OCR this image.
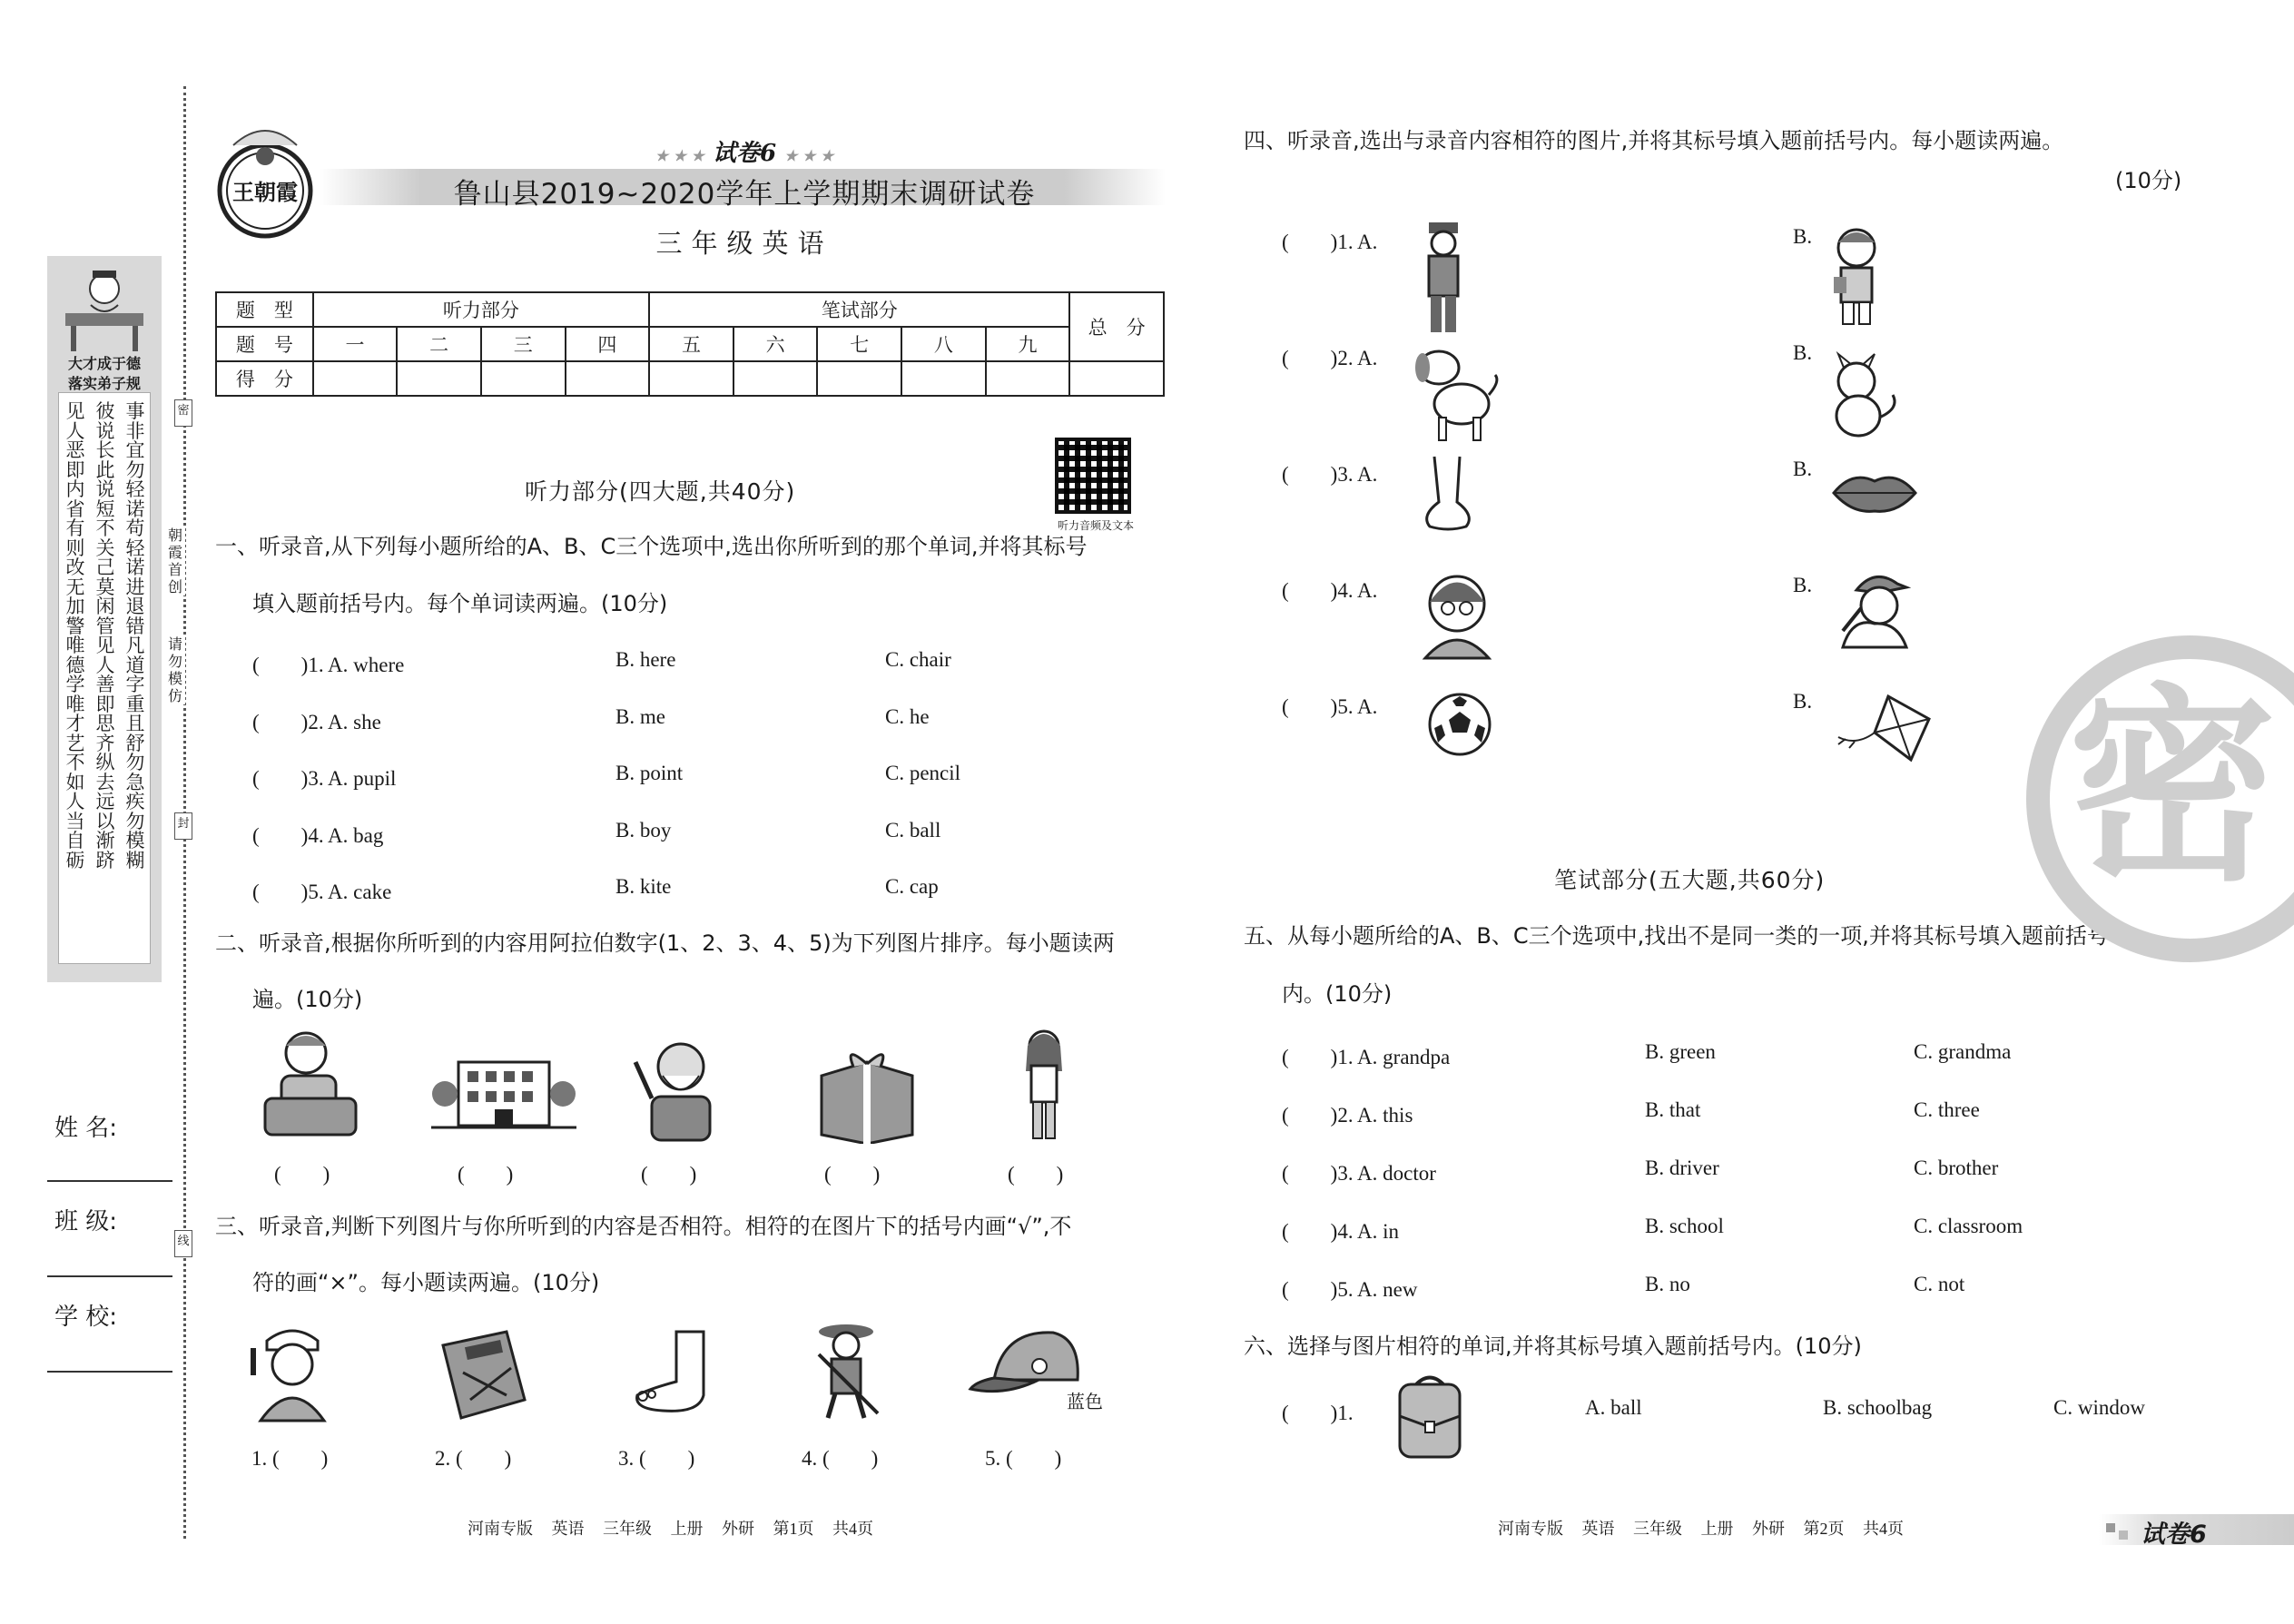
大才成于德
落实弟子规
见人恶即内省有则改无加警唯德学唯才艺不如人当自砺
彼说长此说短不关己莫闲管见人善即思齐纵去远以渐跻
事非宜勿轻诺苟轻诺进退错凡道字重且舒勿急疾勿模糊
密
朝霞首创
请勿模仿
封
线
姓 名:
班 级:
学 校:
王朝霞
★ ★ ★ 试卷6 ★ ★ ★
鲁山县2019~2020学年上学期期末调研试卷
三年级英语
题　型	听力部分				笔试部分					总　分
题　号	一	二	三	四	五	六	七	八	九	
得　分										
听力音频及文本
听力部分(四大题,共40分)
一、听录音,从下列每小题所给的A、B、C三个选项中,选出你所听到的那个单词,并将其标号
填入题前括号内。每个单词读两遍。(10分)
(　　)1. A. where	B. here	C. chair
(　　)2. A. she	B. me	C. he
(　　)3. A. pupil	B. point	C. pencil
(　　)4. A. bag	B. boy	C. ball
(　　)5. A. cake	B. kite	C. cap
二、听录音,根据你所听到的内容用阿拉伯数字(1、2、3、4、5)为下列图片排序。每小题读两
遍。(10分)
(　　)	(　　)	(　　)	(　　)	(　　)
三、听录音,判断下列图片与你所听到的内容是否相符。相符的在图片下的括号内画“√”,不
符的画“×”。每小题读两遍。(10分)
蓝色
1. (　　)	2. (　　)	3. (　　)	4. (　　)	5. (　　)
河南专版 英语 三年级 上册 外研 第1页 共4页
四、听录音,选出与录音内容相符的图片,并将其标号填入题前括号内。每小题读两遍。
(10分)
(　　)1. A.	B.
(　　)2. A.	B.
(　　)3. A.	B.
(　　)4. A.	B.
(　　)5. A.	B.
笔试部分(五大题,共60分)
五、从每小题所给的A、B、C三个选项中,找出不是同一类的一项,并将其标号填入题前括号
内。(10分)
(　　)1. A. grandpa	B. green	C. grandma
(　　)2. A. this	B. that	C. three
(　　)3. A. doctor	B. driver	C. brother
(　　)4. A. in	B. school	C. classroom
(　　)5. A. new	B. no	C. not
六、选择与图片相符的单词,并将其标号填入题前括号内。(10分)
(　　)1.	A. ball	B. schoolbag	C. window
密
河南专版 英语 三年级 上册 外研 第2页 共4页	试卷6
